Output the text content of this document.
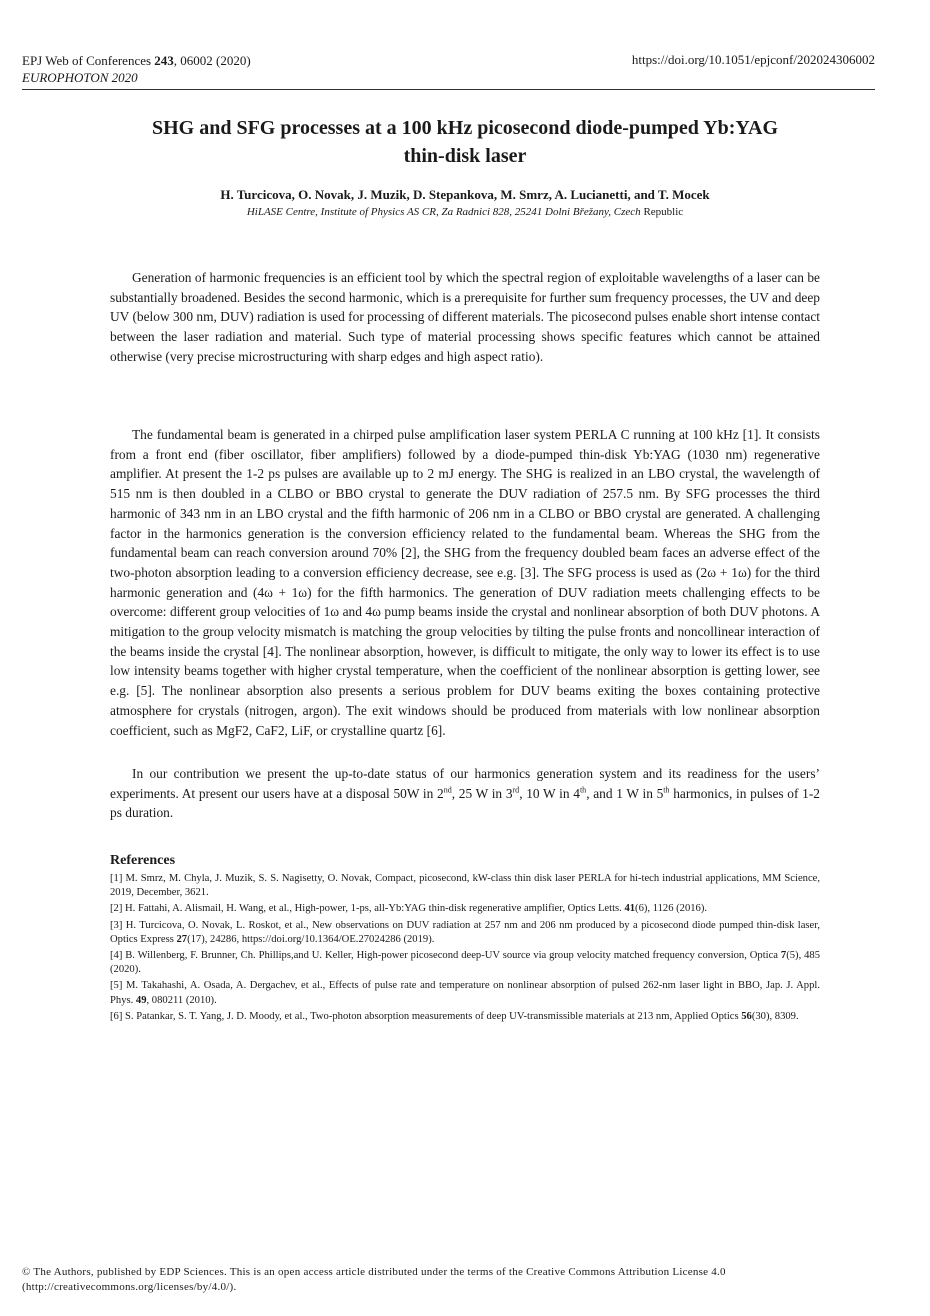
EPJ Web of Conferences 243, 06002 (2020)
EUROPHOTON 2020
https://doi.org/10.1051/epjconf/202024306002
SHG and SFG processes at a 100 kHz picosecond diode-pumped Yb:YAG
thin-disk laser
H. Turcicova, O. Novak, J. Muzik, D. Stepankova, M. Smrz, A. Lucianetti, and T. Mocek
HiLASE Centre, Institute of Physics AS CR, Za Radnici 828, 25241 Dolni Břežany, Czech Republic

Generation of harmonic frequencies is an efficient tool by which the spectral region of exploitable wavelengths of a laser can be substantially broadened. Besides the second harmonic, which is a prerequisite for further sum frequency processes, the UV and deep UV (below 300 nm, DUV) radiation is used for processing of different materials. The picosecond pulses enable short intense contact between the laser radiation and material. Such type of material processing shows specific features which cannot be attained otherwise (very precise microstructuring with sharp edges and high aspect ratio).

The fundamental beam is generated in a chirped pulse amplification laser system PERLA C running at 100 kHz [1]. It consists from a front end (fiber oscillator, fiber amplifiers) followed by a diode-pumped thin-disk Yb:YAG (1030 nm) regenerative amplifier. At present the 1-2 ps pulses are available up to 2 mJ energy. The SHG is realized in an LBO crystal, the wavelength of 515 nm is then doubled in a CLBO or BBO crystal to generate the DUV radiation of 257.5 nm. By SFG processes the third harmonic of 343 nm in an LBO crystal and the fifth harmonic of 206 nm in a CLBO or BBO crystal are generated. A challenging factor in the harmonics generation is the conversion efficiency related to the fundamental beam. Whereas the SHG from the fundamental beam can reach conversion around 70% [2], the SHG from the frequency doubled beam faces an adverse effect of the two-photon absorption leading to a conversion efficiency decrease, see e.g. [3]. The SFG process is used as (2ω + 1ω) for the third harmonic generation and (4ω + 1ω) for the fifth harmonics. The generation of DUV radiation meets challenging effects to be overcome: different group velocities of 1ω and 4ω pump beams inside the crystal and nonlinear absorption of both DUV photons. A mitigation to the group velocity mismatch is matching the group velocities by tilting the pulse fronts and noncollinear interaction of the beams inside the crystal [4]. The nonlinear absorption, however, is difficult to mitigate, the only way to lower its effect is to use low intensity beams together with higher crystal temperature, when the coefficient of the nonlinear absorption is getting lower, see e.g. [5]. The nonlinear absorption also presents a serious problem for DUV beams exiting the boxes containing protective atmosphere for crystals (nitrogen, argon). The exit windows should be produced from materials with low nonlinear absorption coefficient, such as MgF2, CaF2, LiF, or crystalline quartz [6].

In our contribution we present the up-to-date status of our harmonics generation system and its readiness for the users’ experiments. At present our users have at a disposal 50W in 2nd, 25 W in 3rd, 10 W in 4th, and 1 W in 5th harmonics, in pulses of 1-2 ps duration.

References
[1] M. Smrz, M. Chyla, J. Muzik, S. S. Nagisetty, O. Novak, Compact, picosecond, kW-class thin disk laser PERLA for hi-tech industrial applications, MM Science, 2019, December, 3621.
[2] H. Fattahi, A. Alismail, H. Wang, et al., High-power, 1-ps, all-Yb:YAG thin-disk regenerative amplifier, Optics Letts. 41(6), 1126 (2016).
[3] H. Turcicova, O. Novak, L. Roskot, et al., New observations on DUV radiation at 257 nm and 206 nm produced by a picosecond diode pumped thin-disk laser, Optics Express 27(17), 24286, https://doi.org/10.1364/OE.27024286 (2019).
[4] B. Willenberg, F. Brunner, Ch. Phillips,and U. Keller, High-power picosecond deep-UV source via group velocity matched frequency conversion, Optica 7(5), 485 (2020).
[5] M. Takahashi, A. Osada, A. Dergachev, et al., Effects of pulse rate and temperature on nonlinear absorption of pulsed 262-nm laser light in BBO, Jap. J. Appl. Phys. 49, 080211 (2010).
[6] S. Patankar, S. T. Yang, J. D. Moody, et al., Two-photon absorption measurements of deep UV-transmissible materials at 213 nm, Applied Optics 56(30), 8309.
© The Authors, published by EDP Sciences. This is an open access article distributed under the terms of the Creative Commons Attribution License 4.0 (http://creativecommons.org/licenses/by/4.0/).
